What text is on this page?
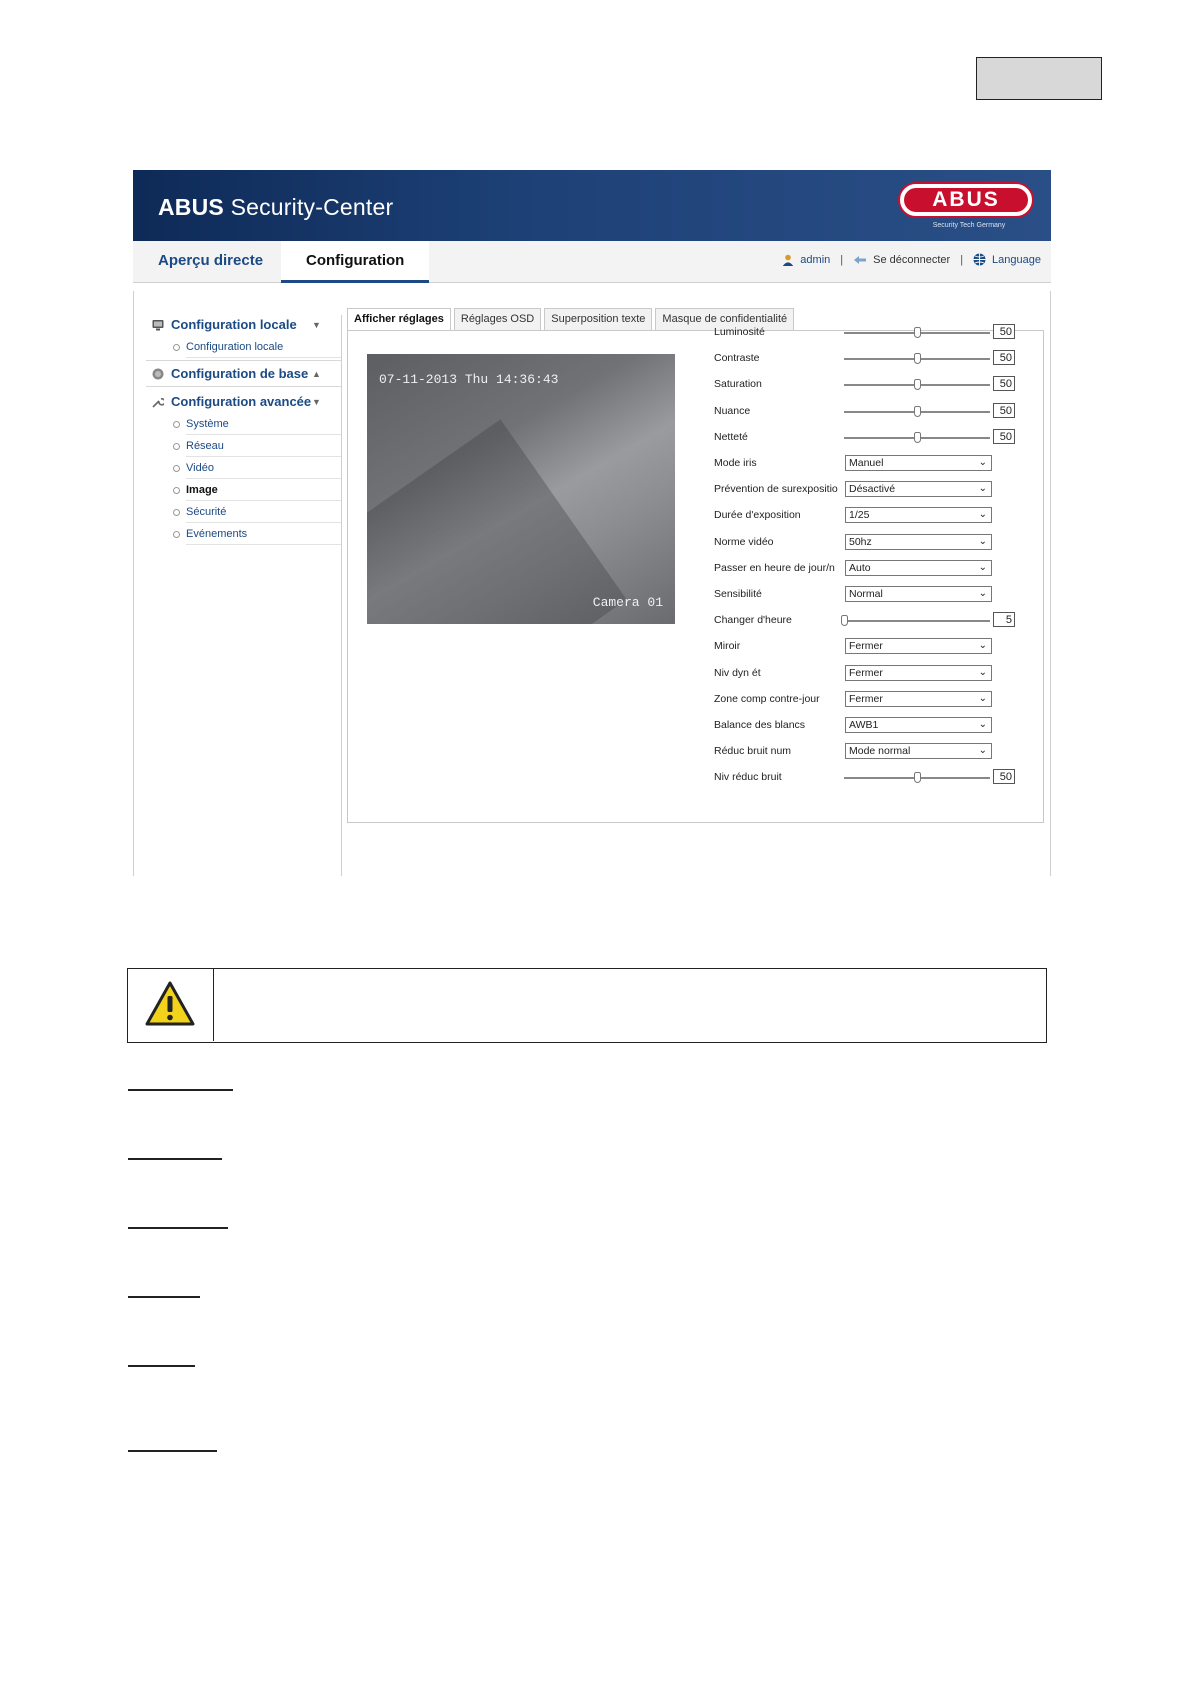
ABUS Security-Center	ABUS
Security Tech Germany
Aperçu directe	Configuration	admin |	Se déconnecter |	Language
Configuration locale ▼
Configuration locale
Configuration de base ▲
Configuration avancée ▼
Système
Réseau
Vidéo
Image
Sécurité
Evénements
Afficher réglages	Réglages OSD	Superposition texte	Masque de confidentialité
07-11-2013 Thu 14:36:43
Camera 01
Luminosité	50
Contraste	50
Saturation	50
Nuance	50
Netteté	50
Mode iris	Manuel	⌄
Prévention de surexpositio	Désactivé	⌄
Durée d'exposition	1/25	⌄
Norme vidéo	50hz	⌄
Passer en heure de jour/n	Auto	⌄
Sensibilité	Normal	⌄
Changer d'heure	5
Miroir	Fermer	⌄
Niv dyn ét	Fermer	⌄
Zone comp contre-jour	Fermer	⌄
Balance des blancs	AWB1	⌄
Réduc bruit num	Mode normal	⌄
Niv réduc bruit	50
